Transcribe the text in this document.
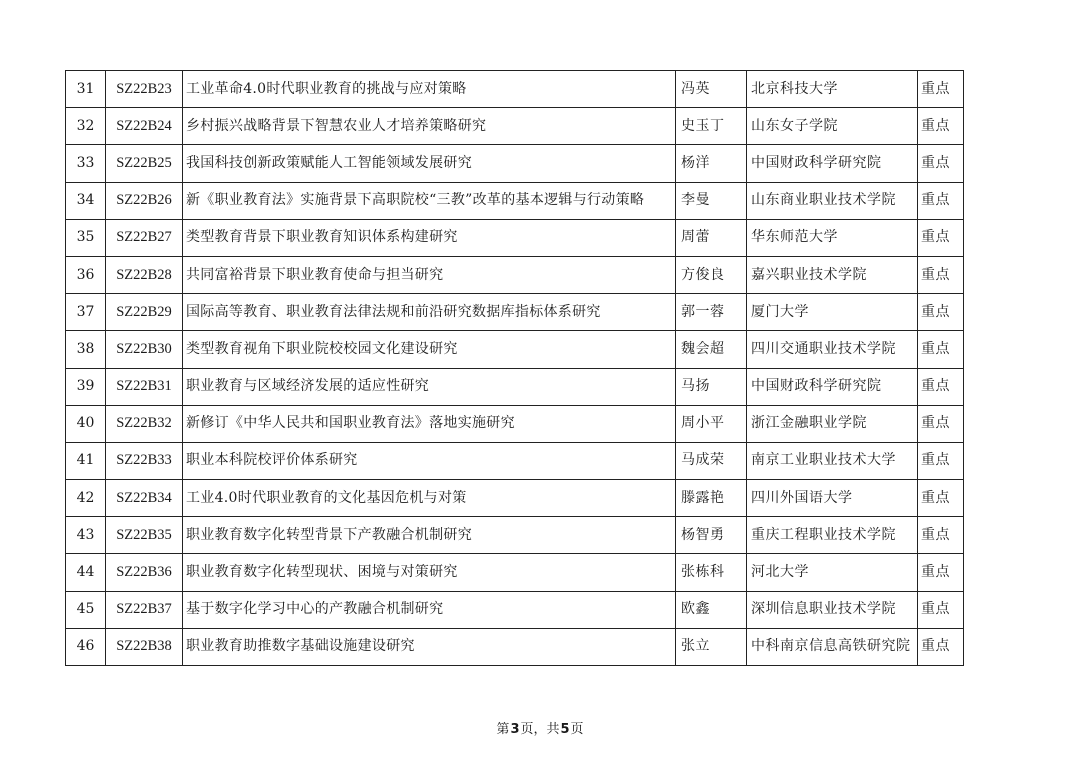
31	SZ22B23	工业革命4.0时代职业教育的挑战与应对策略	冯英	北京科技大学	重点
32	SZ22B24	乡村振兴战略背景下智慧农业人才培养策略研究	史玉丁	山东女子学院	重点
33	SZ22B25	我国科技创新政策赋能人工智能领域发展研究	杨洋	中国财政科学研究院	重点
34	SZ22B26	新《职业教育法》实施背景下高职院校“三教”改革的基本逻辑与行动策略	李曼	山东商业职业技术学院	重点
35	SZ22B27	类型教育背景下职业教育知识体系构建研究	周蕾	华东师范大学	重点
36	SZ22B28	共同富裕背景下职业教育使命与担当研究	方俊良	嘉兴职业技术学院	重点
37	SZ22B29	国际高等教育、职业教育法律法规和前沿研究数据库指标体系研究	郭一蓉	厦门大学	重点
38	SZ22B30	类型教育视角下职业院校校园文化建设研究	魏会超	四川交通职业技术学院	重点
39	SZ22B31	职业教育与区域经济发展的适应性研究	马扬	中国财政科学研究院	重点
40	SZ22B32	新修订《中华人民共和国职业教育法》落地实施研究	周小平	浙江金融职业学院	重点
41	SZ22B33	职业本科院校评价体系研究	马成荣	南京工业职业技术大学	重点
42	SZ22B34	工业4.0时代职业教育的文化基因危机与对策	滕露艳	四川外国语大学	重点
43	SZ22B35	职业教育数字化转型背景下产教融合机制研究	杨智勇	重庆工程职业技术学院	重点
44	SZ22B36	职业教育数字化转型现状、困境与对策研究	张栋科	河北大学	重点
45	SZ22B37	基于数字化学习中心的产教融合机制研究	欧鑫	深圳信息职业技术学院	重点
46	SZ22B38	职业教育助推数字基础设施建设研究	张立	中科南京信息高铁研究院	重点
第3页，共5页
